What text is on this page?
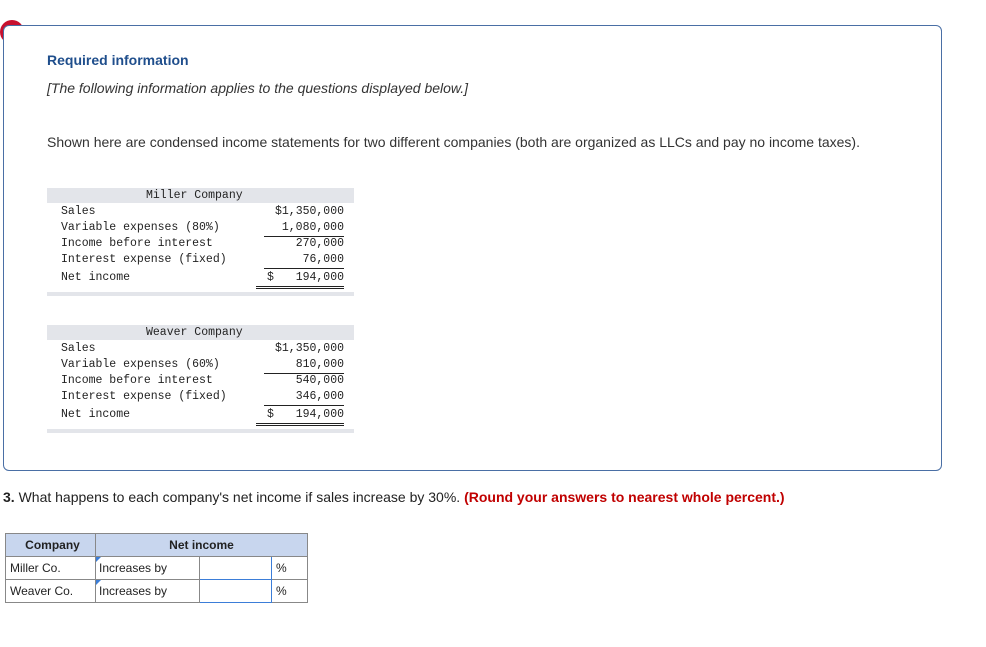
Required information
[The following information applies to the questions displayed below.]
Shown here are condensed income statements for two different companies (both are organized as LLCs and pay no income taxes).
Miller Company
Sales	$1,350,000
Variable expenses (80%)	1,080,000
Income before interest	270,000
Interest expense (fixed)	76,000
Net income	$	194,000
Weaver Company
Sales	$1,350,000
Variable expenses (60%)	810,000
Income before interest	540,000
Interest expense (fixed)	346,000
Net income	$	194,000
3. What happens to each company's net income if sales increase by 30%. (Round your answers to nearest whole percent.)
Company	Net income		
Miller Co.	Increases by		%
Weaver Co.	Increases by		%
